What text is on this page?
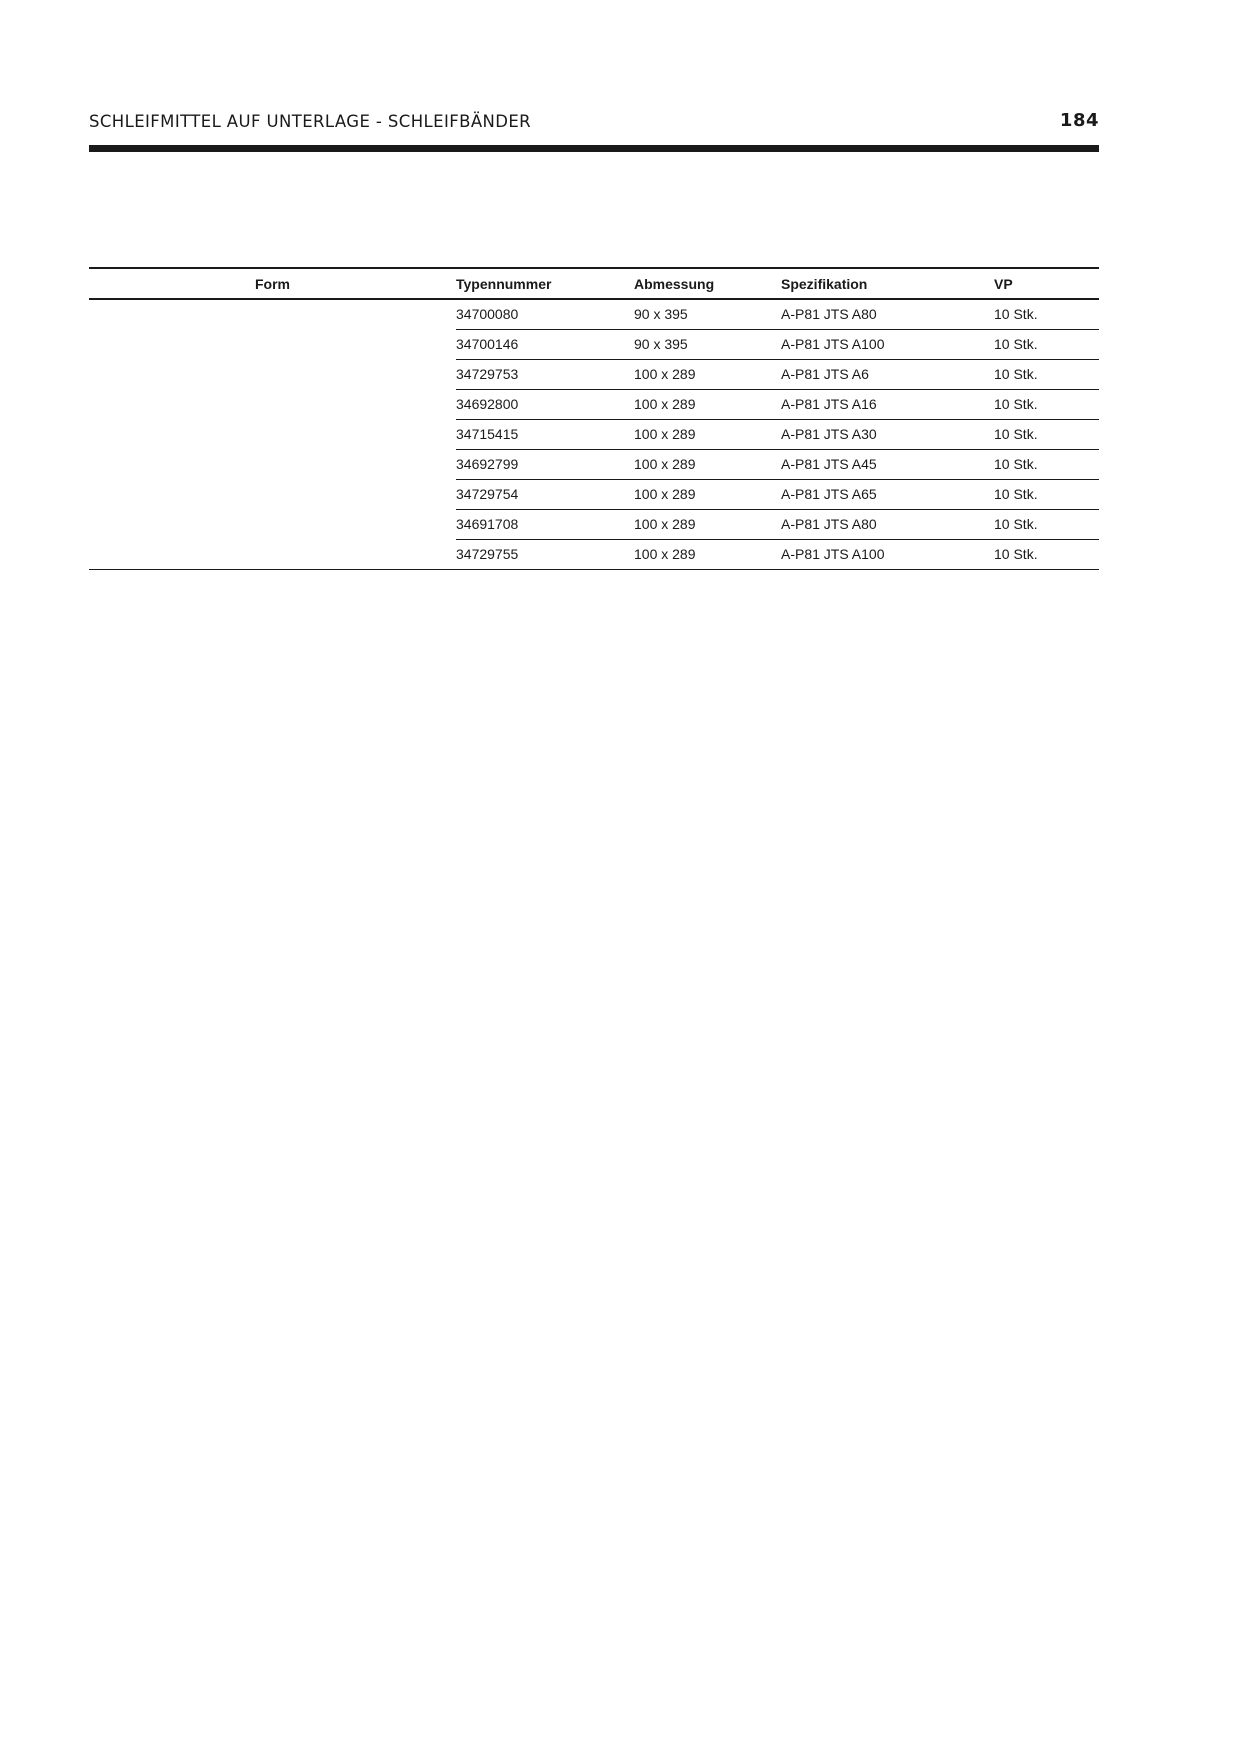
SCHLEIFMITTEL AUF UNTERLAGE - SCHLEIFBÄNDER	184
Form	Typennummer	Abmessung	Spezifikation	VP
	34700080	90 x 395	A-P81 JTS A80	10 Stk.
	34700146	90 x 395	A-P81 JTS A100	10 Stk.
	34729753	100 x 289	A-P81 JTS A6	10 Stk.
	34692800	100 x 289	A-P81 JTS A16	10 Stk.
	34715415	100 x 289	A-P81 JTS A30	10 Stk.
	34692799	100 x 289	A-P81 JTS A45	10 Stk.
	34729754	100 x 289	A-P81 JTS A65	10 Stk.
	34691708	100 x 289	A-P81 JTS A80	10 Stk.
	34729755	100 x 289	A-P81 JTS A100	10 Stk.
